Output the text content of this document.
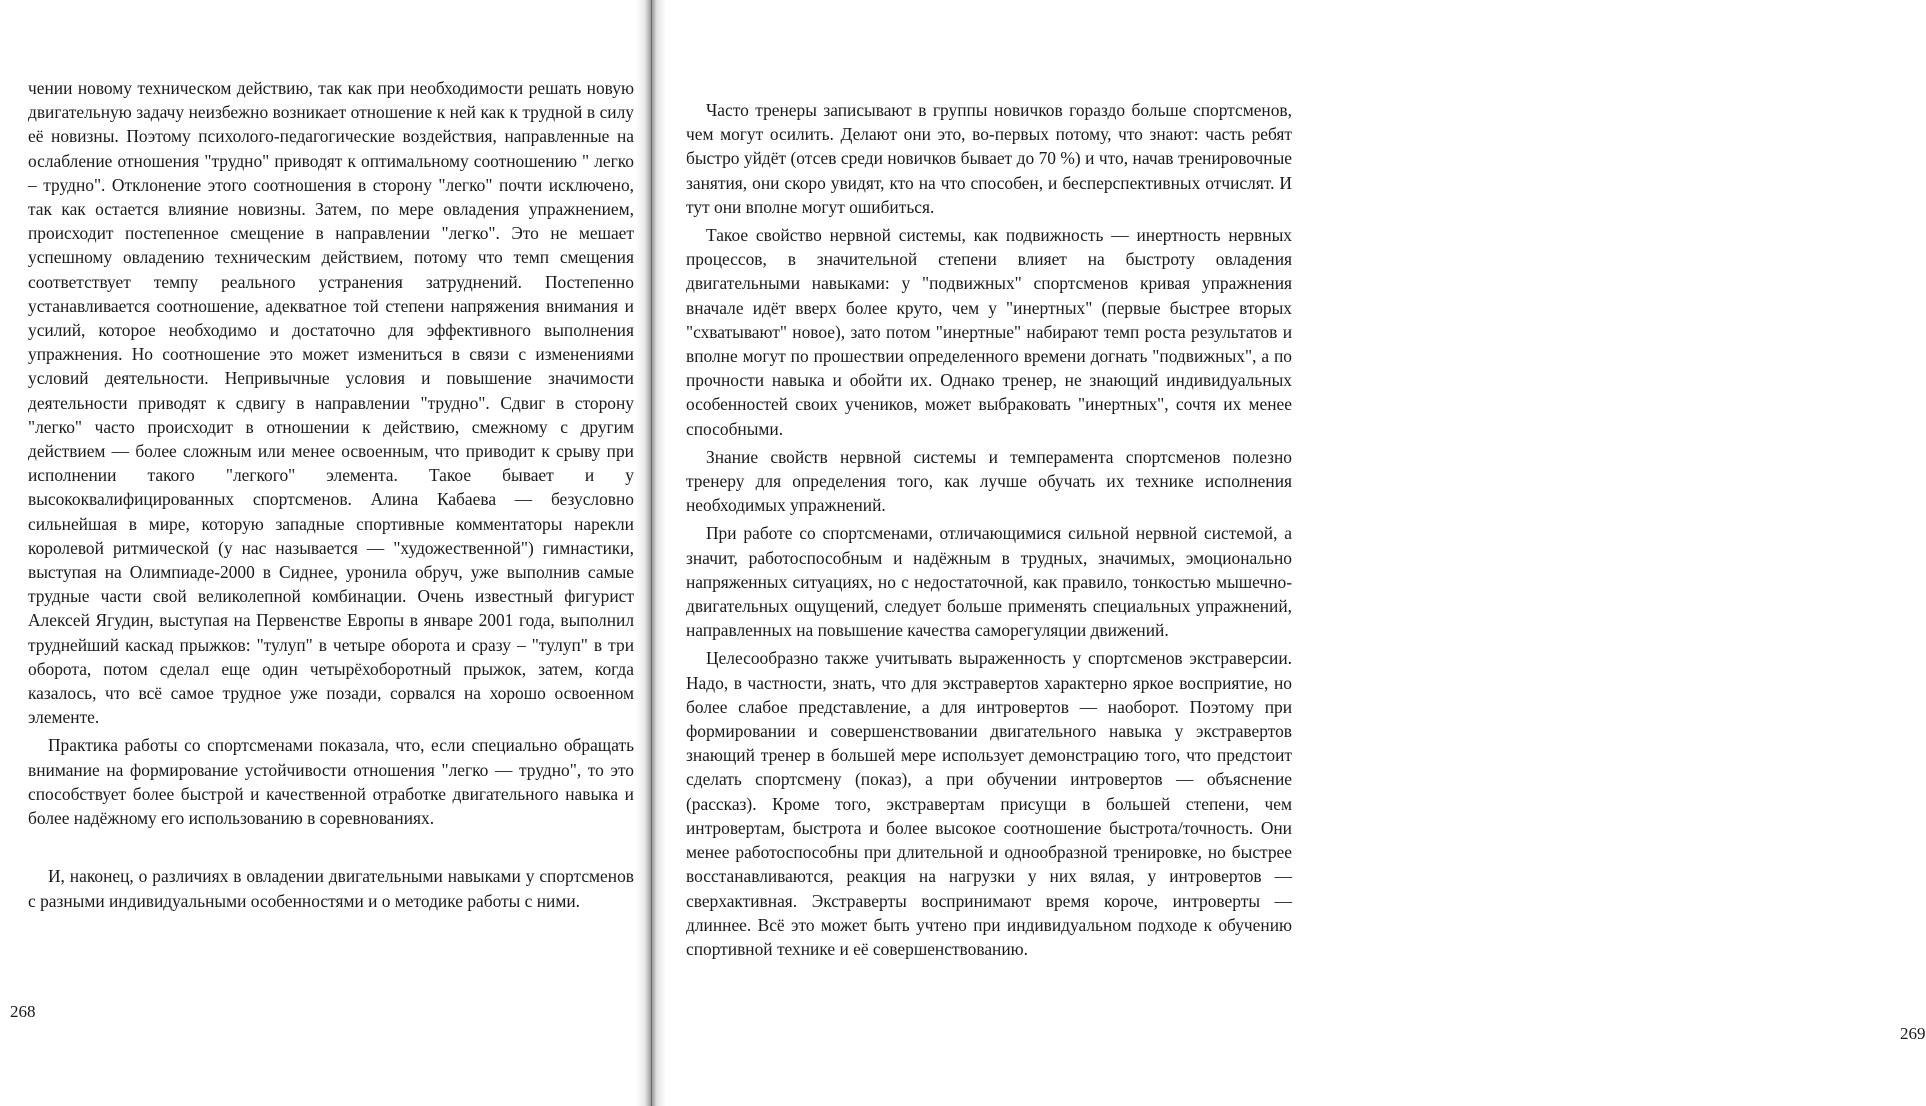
чении новому техническом действию, так как при необходимости решать новую двигательную задачу неизбежно возникает отношение к ней как к трудной в силу её новизны. Поэтому психолого-педагогические воздействия, направленные на ослабление отношения "трудно" приводят к оптимальному соотношению " легко – трудно". Отклонение этого соотношения в сторону "легко" почти исключено, так как остается влияние новизны. Затем, по мере овладения упражнением, происходит постепенное смещение в направлении "легко". Это не мешает успешному овладению техническим действием, потому что темп смещения соответствует темпу реального устранения затруднений. Постепенно устанавливается соотношение, адекватное той степени напряжения внимания и усилий, которое необходимо и достаточно для эффективного выполнения упражнения. Но соотношение это может измениться в связи с изменениями условий деятельности. Непривычные условия и повышение значимости деятельности приводят к сдвигу в направлении "трудно". Сдвиг в сторону "легко" часто происходит в отношении к действию, смежному с другим действием — более сложным или менее освоенным, что приводит к срыву при исполнении такого "легкого" элемента. Такое бывает и у высококвалифицированных спортсменов. Алина Кабаева — безусловно сильнейшая в мире, которую западные спортивные комментаторы нарекли королевой ритмической (у нас называется — "художественной") гимнастики, выступая на Олимпиаде-2000 в Сиднее, уронила обруч, уже выполнив самые трудные части свой великолепной комбинации. Очень известный фигурист Алексей Ягудин, выступая на Первенстве Европы в январе 2001 года, выполнил труднейший каскад прыжков: "тулуп" в четыре оборота и сразу – "тулуп" в три оборота, потом сделал еще один четырёхоборотный прыжок, затем, когда казалось, что всё самое трудное уже позади, сорвался на хорошо освоенном элементе.

Практика работы со спортсменами показала, что, если специально обращать внимание на формирование устойчивости отношения "легко — трудно", то это способствует более быстрой и качественной отработке двигательного навыка и более надёжному его использованию в соревнованиях.

И, наконец, о различиях в овладении двигательными навыками у спортсменов с разными индивидуальными особенностями и о методике работы с ними.

268

Часто тренеры записывают в группы новичков гораздо больше спортсменов, чем могут осилить. Делают они это, во-первых потому, что знают: часть ребят быстро уйдёт (отсев среди новичков бывает до 70 %) и что, начав тренировочные занятия, они скоро увидят, кто на что способен, и бесперспективных отчислят. И тут они вполне могут ошибиться.

Такое свойство нервной системы, как подвижность — инертность нервных процессов, в значительной степени влияет на быстроту овладения двигательными навыками: у "подвижных" спортсменов кривая упражнения вначале идёт вверх более круто, чем у "инертных" (первые быстрее вторых "схватывают" новое), зато потом "инертные" набирают темп роста результатов и вполне могут по прошествии определенного времени догнать "подвижных", а по прочности навыка и обойти их. Однако тренер, не знающий индивидуальных особенностей своих учеников, может выбраковать "инертных", сочтя их менее способными.

Знание свойств нервной системы и темперамента спортсменов полезно тренеру для определения того, как лучше обучать их технике исполнения необходимых упражнений.

При работе со спортсменами, отличающимися сильной нервной системой, а значит, работоспособным и надёжным в трудных, значимых, эмоционально напряженных ситуациях, но с недостаточной, как правило, тонкостью мышечно-двигательных ощущений, следует больше применять специальных упражнений, направленных на повышение качества саморегуляции движений.

Целесообразно также учитывать выраженность у спортсменов экстраверсии. Надо, в частности, знать, что для экстравертов характерно яркое восприятие, но более слабое представление, а для интровертов — наоборот. Поэтому при формировании и совершенствовании двигательного навыка у экстравертов знающий тренер в большей мере использует демонстрацию того, что предстоит сделать спортсмену (показ), а при обучении интровертов — объяснение (рассказ). Кроме того, экстравертам присущи в большей степени, чем интровертам, быстрота и более высокое соотношение быстрота/точность. Они менее работоспособны при длительной и однообразной тренировке, но быстрее восстанавливаются, реакция на нагрузки у них вялая, у интровертов — сверхактивная. Экстраверты воспринимают время короче, интроверты — длиннее. Всё это может быть учтено при индивидуальном подходе к обучению спортивной технике и её совершенствованию.

269
